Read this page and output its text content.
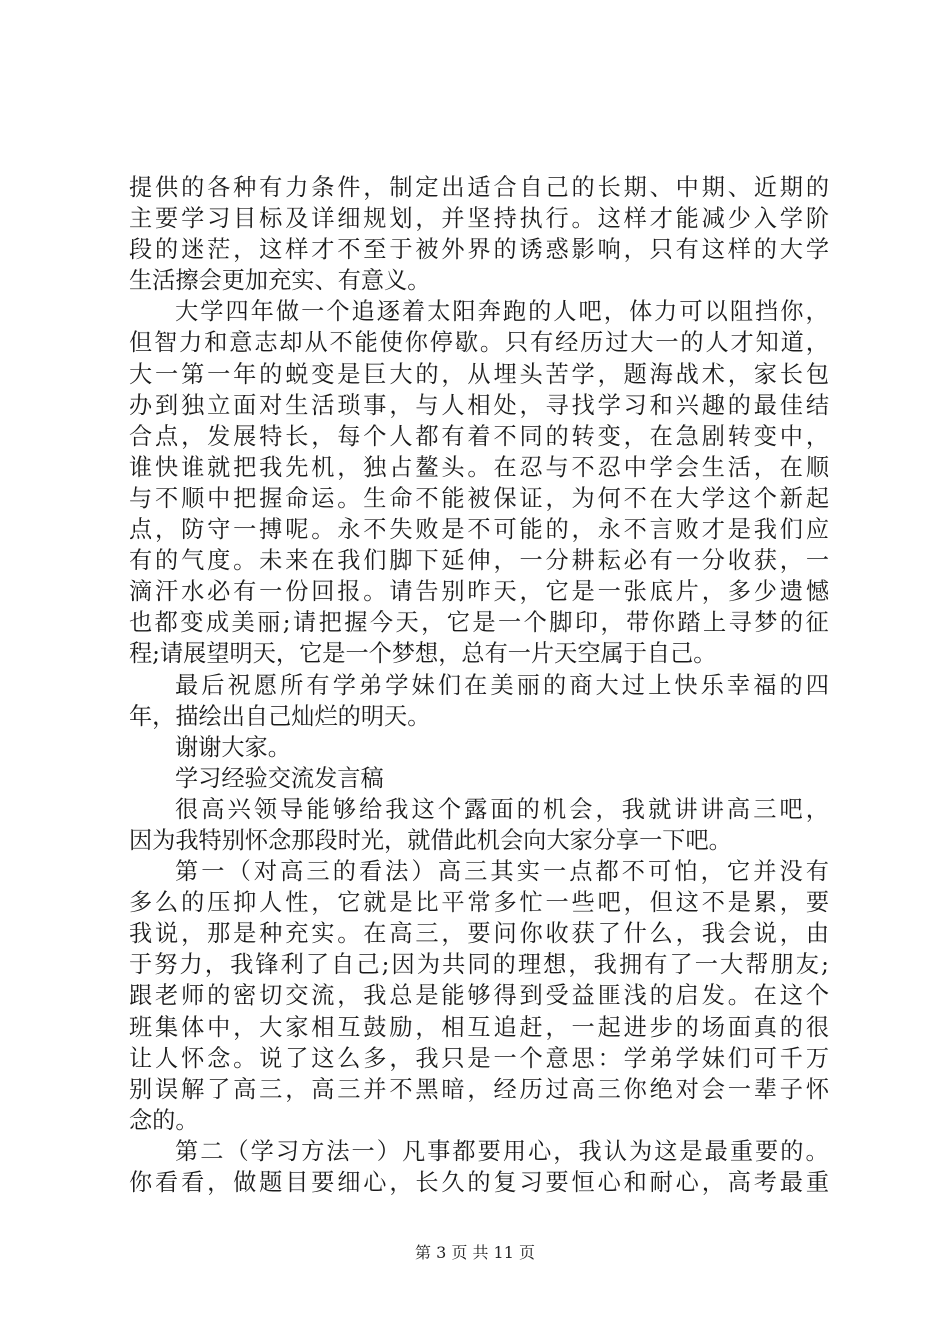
提 供 的 各 种 有 力 条 件 ， 制 定 出 适 合 自 己 的 长 期 、 中 期 、 近 期 的
主 要 学 习 目 标 及 详 细 规 划 ， 并 坚 持 执 行 。 这 样 才 能 减 少 入 学 阶
段 的 迷 茫 ， 这 样 才 不 至 于 被 外 界 的 诱 惑 影 响 ， 只 有 这 样 的 大 学
生活擦会更加充实、有意义。
大 学 四 年 做 一 个 追 逐 着 太 阳 奔 跑 的 人 吧 ， 体 力 可 以 阻 挡 你 ，
但 智 力 和 意 志 却 从 不 能 使 你 停 歇 。 只 有 经 历 过 大 一 的 人 才 知 道 ，
大 一 第 一 年 的 蜕 变 是 巨 大 的 ， 从 埋 头 苦 学 ， 题 海 战 术 ， 家 长 包
办 到 独 立 面 对 生 活 琐 事 ， 与 人 相 处 ， 寻 找 学 习 和 兴 趣 的 最 佳 结
合 点 ， 发 展 特 长 ， 每 个 人 都 有 着 不 同 的 转 变 ， 在 急 剧 转 变 中 ，
谁 快 谁 就 把 我 先 机 ， 独 占 鳌 头 。 在 忍 与 不 忍 中 学 会 生 活 ， 在 顺
与 不 顺 中 把 握 命 运 。 生 命 不 能 被 保 证 ， 为 何 不 在 大 学 这 个 新 起
点 ， 防 守 一 搏 呢 。 永 不 失 败 是 不 可 能 的 ， 永 不 言 败 才 是 我 们 应
有 的 气 度 。 未 来 在 我 们 脚 下 延 伸 ， 一 分 耕 耘 必 有 一 分 收 获 ， 一
滴 汗 水 必 有 一 份 回 报 。 请 告 别 昨 天 ， 它 是 一 张 底 片 ， 多 少 遗 憾
也 都 变 成 美 丽 ; 请 把 握 今 天 ， 它 是 一 个 脚 印 ， 带 你 踏 上 寻 梦 的 征
程;请展望明天，它是一个梦想，总有一片天空属于自己。
最 后 祝 愿 所 有 学 弟 学 妹 们 在 美 丽 的 商 大 过 上 快 乐 幸 福 的 四
年，描绘出自己灿烂的明天。
谢谢大家。
学习经验交流发言稿
很 高 兴 领 导 能 够 给 我 这 个 露 面 的 机 会 ， 我 就 讲 讲 高 三 吧 ，
因为我特别怀念那段时光，就借此机会向大家分享一下吧。
第 一 （ 对 高 三 的 看 法 ） 高 三 其 实 一 点 都 不 可 怕 ， 它 并 没 有
多 么 的 压 抑 人 性 ， 它 就 是 比 平 常 多 忙 一 些 吧 ， 但 这 不 是 累 ， 要
我 说 ， 那 是 种 充 实 。 在 高 三 ， 要 问 你 收 获 了 什 么 ， 我 会 说 ， 由
于 努 力 ， 我 锋 利 了 自 己 ; 因 为 共 同 的 理 想 ， 我 拥 有 了 一 大 帮 朋 友 ;
跟 老 师 的 密 切 交 流 ， 我 总 是 能 够 得 到 受 益 匪 浅 的 启 发 。 在 这 个
班 集 体 中 ， 大 家 相 互 鼓 励 ， 相 互 追 赶 ， 一 起 进 步 的 场 面 真 的 很
让 人 怀 念 。 说 了 这 么 多 ， 我 只 是 一 个 意 思 ： 学 弟 学 妹 们 可 千 万
别 误 解 了 高 三 ， 高 三 并 不 黑 暗 ， 经 历 过 高 三 你 绝 对 会 一 辈 子 怀
念的。
第 二 （ 学 习 方 法 一 ） 凡 事 都 要 用 心 ， 我 认 为 这 是 最 重 要 的 。
你 看 看 ， 做 题 目 要 细 心 ， 长 久 的 复 习 要 恒 心 和 耐 心 ， 高 考 最 重
第 3 页 共 11 页
